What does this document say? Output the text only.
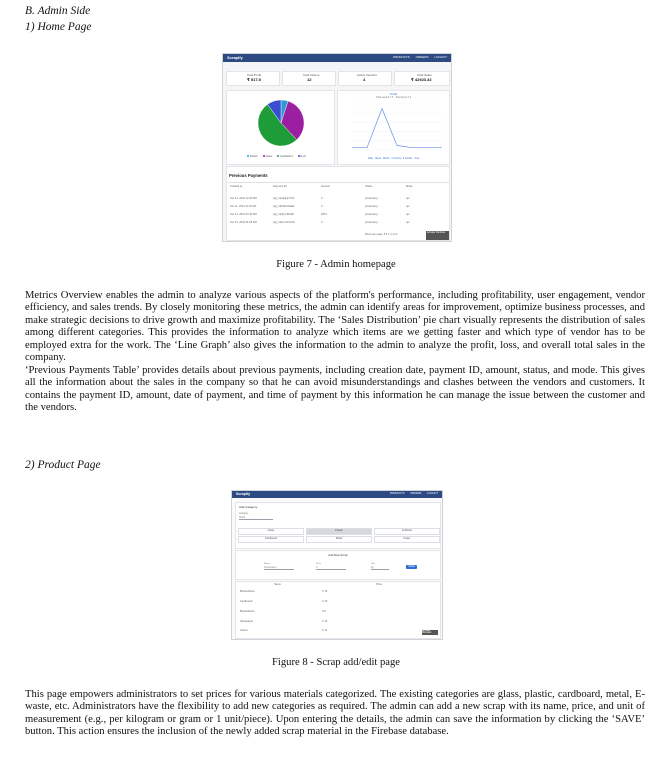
B. Admin Side
1) Home Page
Scrapify	PRODUCTS ORDERS LOGOUT
Total Profit
₹ 517.5
Total Orders
12
Active Vendors
4
Total Sales
₹ 42923.32
Plastic	Glass	Cardboard	E-W
Profit
Total earned ₹ 0 · Total spent ₹ 0
Daily · Week · Month · 3 months · 6 months · Year
Previous Payments
Created at	Payment ID	Amount	Status	Mode
Jan 10, 2024 12:30 PM	pay_NaQqLkJ7Gh	0	processing	upi
Jan 11, 2024 11:15 AM	pay_NbTaFsWqE2	0	processing	upi
Jan 13, 2024 03:40 PM	pay_NcKpYtRz9D	2873	processing	upi
Jan 15, 2024 01:05 PM	pay_NdLmVbXc4S	0	processing	upi
Rows per page: 5 ▾ 1–4 of 4	Activate Windows
Figure 7 - Admin homepage
Metrics Overview enables the admin to analyze various aspects of the platform's performance, including profitability, user engagement, vendor efficiency, and sales trends. By closely monitoring these metrics, the admin can identify areas for improvement, optimize business processes, and make strategic decisions to drive growth and maximize profitability. The ‘Sales Distribution’ pie chart visually represents the distribution of sales among different categories. This provides the information to analyze which items are we getting faster and which type of vendor has to be employed extra for the work. The ‘Line Graph’ also gives the information to the admin to analyze the profit, loss, and overall total sales in the company.
‘Previous Payments Table’ provides details about previous payments, including creation date, payment ID, amount, status, and mode. This gives all the information about the sales in the company so that he can avoid misunderstandings and clashes between the vendors and customers. It contains the payment ID, amount, date of payment, and time of payment by this information he can manage the issue between the customer and the vendors.
2) Product Page
Scrapify	PRODUCTS ORDERS LOGOUT
Add Category
Category
Metal
Glass	Plastic	E-Waste
Cardboard	Metal	Paper
Add New Scrap
Name
Newspaper
Price
0
Unit
kg	SAVE
Name	Price
Books/Notes	₹ 12
Cardboard	₹ 10
Books/Notes	₹ 8
Newspaper	₹ 14
Carton	₹ 11	Activate Windows
Figure 8 - Scrap add/edit page
This page empowers administrators to set prices for various materials categorized. The existing categories are glass, plastic, cardboard, metal, E-waste, etc. Administrators have the flexibility to add new categories as required. The admin can add a new scrap with its name, price, and unit of measurement (e.g., per kilogram or gram or 1 unit/piece). Upon entering the details, the admin can save the information by clicking the ‘SAVE’ button. This action ensures the inclusion of the newly added scrap material in the Firebase database.
